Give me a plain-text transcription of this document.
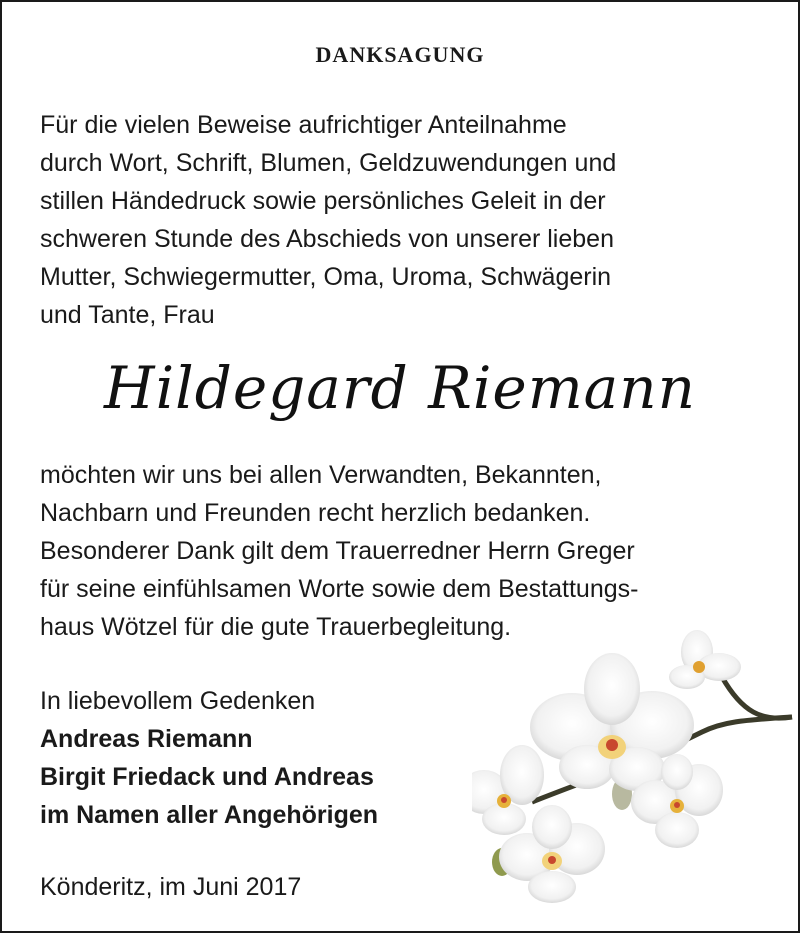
DANKSAGUNG
Für die vielen Beweise aufrichtiger Anteilnahme
durch Wort, Schrift, Blumen, Geldzuwendungen und
stillen Händedruck sowie persönliches Geleit in der
schweren Stunde des Abschieds von unserer lieben
Mutter, Schwiegermutter, Oma, Uroma, Schwägerin
und Tante, Frau
Hildegard Riemann
möchten wir uns bei allen Verwandten, Bekannten,
Nachbarn und Freunden recht herzlich bedanken.
Besonderer Dank gilt dem Trauerredner Herrn Greger
für seine einfühlsamen Worte sowie dem Bestattungs-
haus Wötzel für die gute Trauerbegleitung.
In liebevollem Gedenken
Andreas Riemann
Birgit Friedack und Andreas
im Namen aller Angehörigen
Könderitz, im Juni 2017
